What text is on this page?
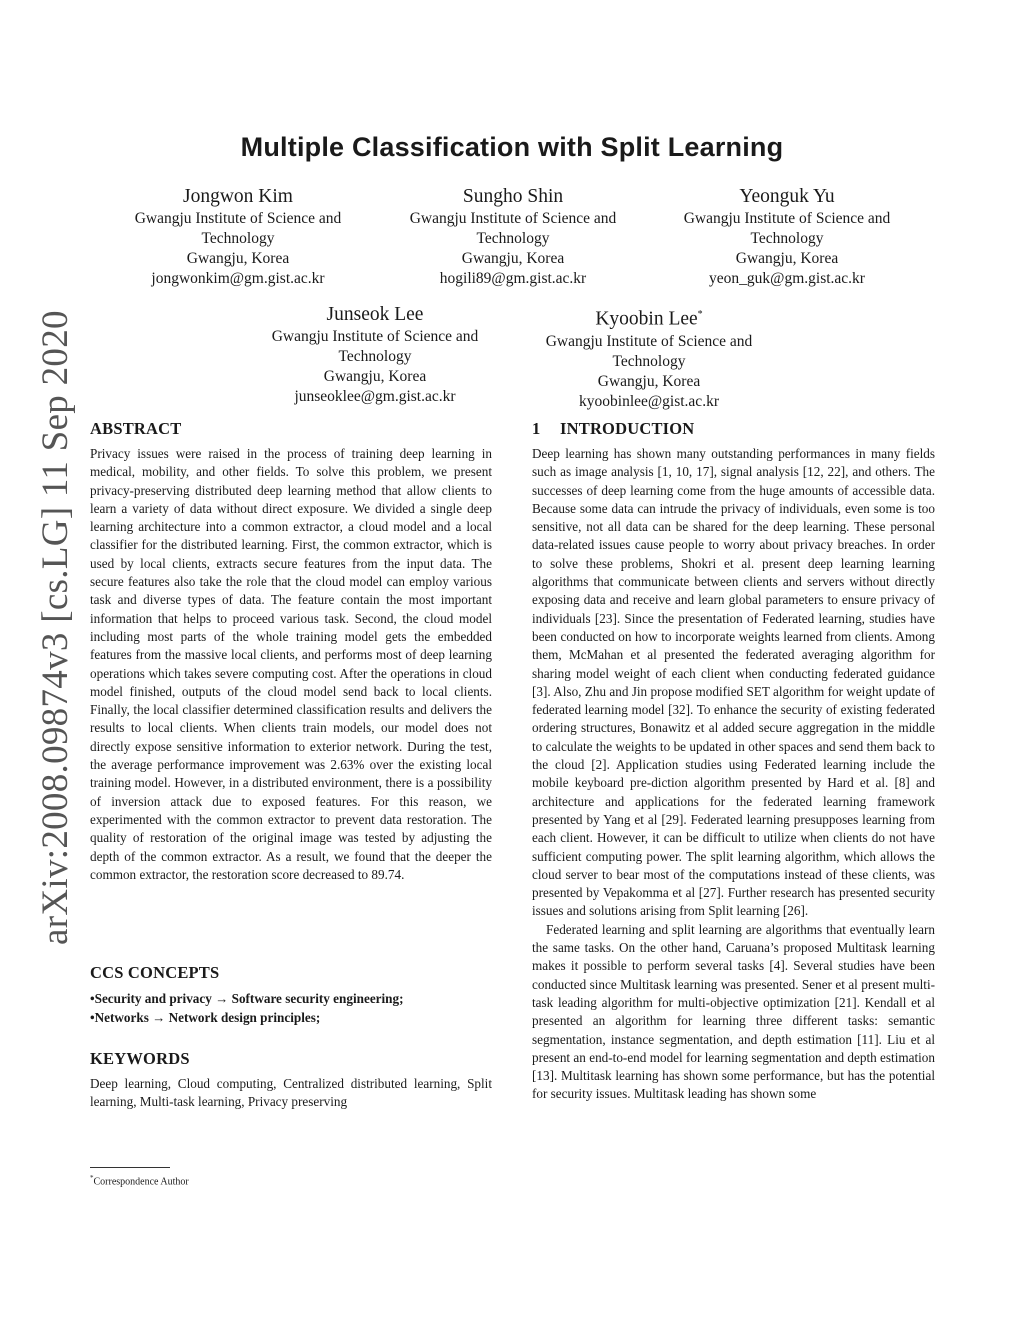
Multiple Classification with Split Learning
Jongwon Kim
Gwangju Institute of Science and
Technology
Gwangju, Korea
jongwonkim@gm.gist.ac.kr
Sungho Shin
Gwangju Institute of Science and
Technology
Gwangju, Korea
hogili89@gm.gist.ac.kr
Yeonguk Yu
Gwangju Institute of Science and
Technology
Gwangju, Korea
yeon_guk@gm.gist.ac.kr
Junseok Lee
Gwangju Institute of Science and
Technology
Gwangju, Korea
junseoklee@gm.gist.ac.kr
Kyoobin Lee*
Gwangju Institute of Science and
Technology
Gwangju, Korea
kyoobinlee@gist.ac.kr
arXiv:2008.09874v3 [cs.LG] 11 Sep 2020 ABSTRACT

Privacy issues were raised in the process of training deep learning in medical, mobility, and other fields. To solve this problem, we present privacy-preserving distributed deep learning method that allow clients to learn a variety of data without direct exposure. We divided a single deep learning architecture into a common extractor, a cloud model and a local classifier for the distributed learning. First, the common extractor, which is used by local clients, extracts secure features from the input data. The secure features also take the role that the cloud model can employ various task and diverse types of data. The feature contain the most important information that helps to proceed various task. Second, the cloud model including most parts of the whole training model gets the embedded features from the massive local clients, and performs most of deep learning operations which takes severe computing cost. After the operations in cloud model finished, outputs of the cloud model send back to local clients. Finally, the local classifier determined classification results and delivers the results to local clients. When clients train models, our model does not directly expose sensitive information to exterior network. During the test, the average performance improvement was 2.63% over the existing local training model. However, in a distributed environment, there is a possibility of inversion attack due to exposed features. For this reason, we experimented with the common extractor to prevent data restoration. The quality of restoration of the original image was tested by adjusting the depth of the common extractor. As a result, we found that the deeper the common extractor, the restoration score decreased to 89.74.

CCS CONCEPTS
•Security and privacy → Software security engineering;
•Networks → Network design principles;
KEYWORDS

Deep learning, Cloud computing, Centralized distributed learning, Split learning, Multi-task learning, Privacy preserving

*Correspondence Author
1 INTRODUCTION

Deep learning has shown many outstanding performances in many fields such as image analysis [1, 10, 17], signal analysis [12, 22], and others. The successes of deep learning come from the huge amounts of accessible data. Because some data can intrude the privacy of individuals, even some is too sensitive, not all data can be shared for the deep learning. These personal data-related issues cause people to worry about privacy breaches. In order to solve these problems, Shokri et al. present deep learning learning algorithms that communicate between clients and servers without directly exposing data and receive and learn global parameters to ensure privacy of individuals [23]. Since the presentation of Federated learning, studies have been conducted on how to incorporate weights learned from clients. Among them, McMahan et al presented the federated averaging algorithm for sharing model weight of each client when conducting federated guidance [3]. Also, Zhu and Jin propose modified SET algorithm for weight update of federated learning model [32]. To enhance the security of existing federated ordering structures, Bonawitz et al added secure aggregation in the middle to calculate the weights to be updated in other spaces and send them back to the cloud [2]. Application studies using Federated learning include the mobile keyboard pre-diction algorithm presented by Hard et al. [8] and architecture and applications for the federated learning framework presented by Yang et al [29]. Federated learning presupposes learning from each client. However, it can be difficult to utilize when clients do not have sufficient computing power. The split learning algorithm, which allows the cloud server to bear most of the computations instead of these clients, was presented by Vepakomma et al [27]. Further research has presented security issues and solutions arising from Split learning [26].

Federated learning and split learning are algorithms that eventually learn the same tasks. On the other hand, Caruana’s proposed Multitask learning makes it possible to perform several tasks [4]. Several studies have been conducted since Multitask learning was presented. Sener et al present multi-task leading algorithm for multi-objective optimization [21]. Kendall et al presented an algorithm for learning three different tasks: semantic segmentation, instance segmentation, and depth estimation [11]. Liu et al present an end-to-end model for learning segmentation and depth estimation [13]. Multitask learning has shown some performance, but has the potential for security issues. Multitask leading has shown some
